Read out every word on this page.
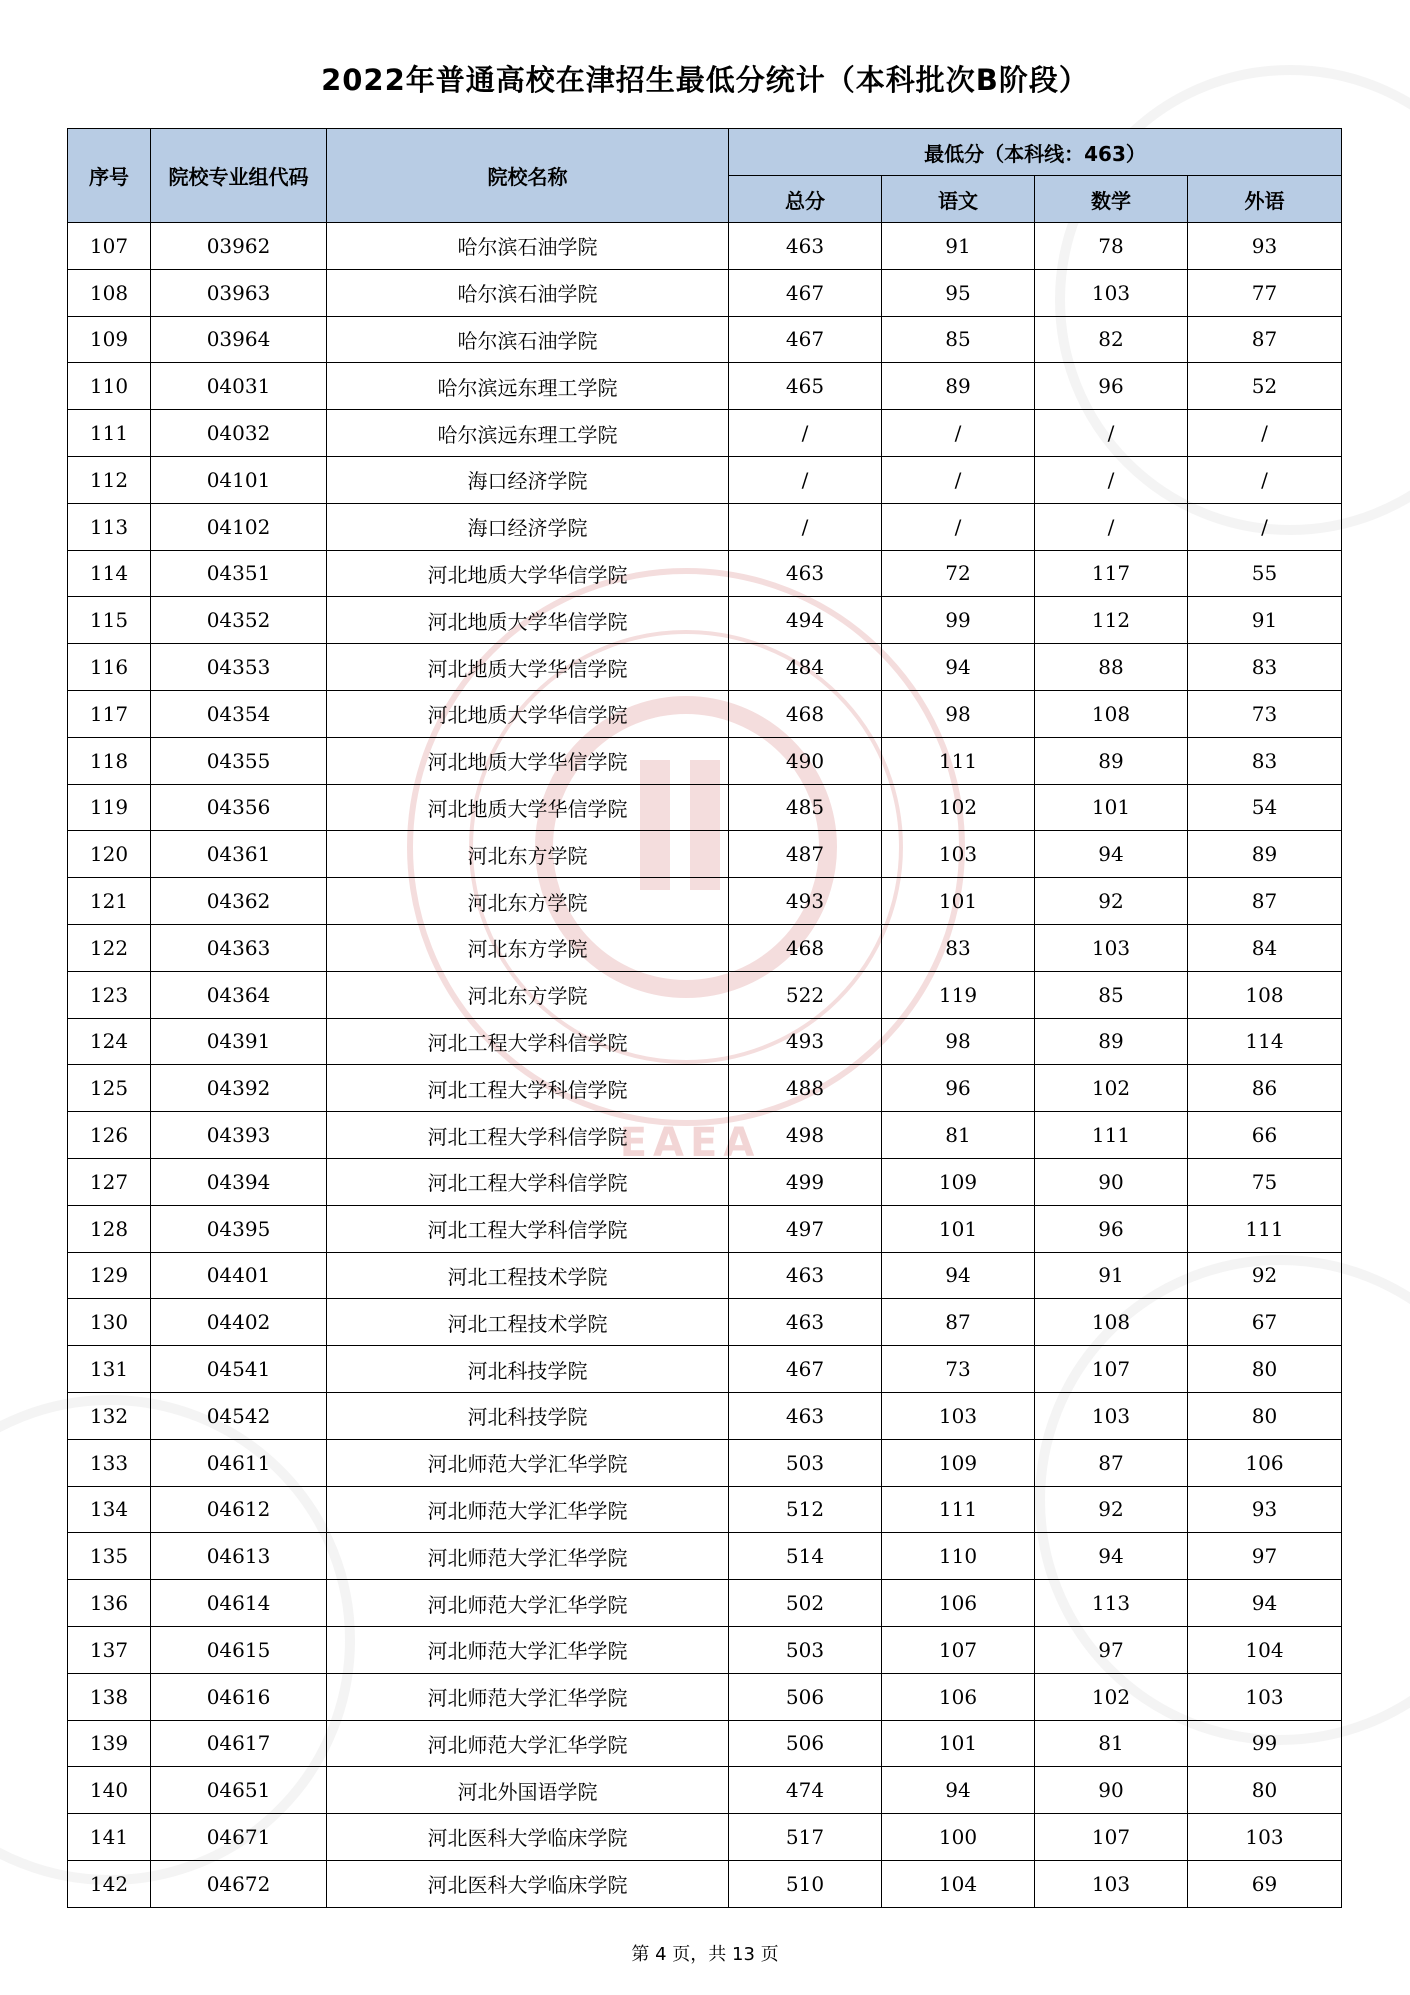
EAEA
2022年普通高校在津招生最低分统计（本科批次B阶段）
序号	院校专业组代码	院校名称	最低分（本科线：463）			
			总分	语文	数学	外语
107	03962	哈尔滨石油学院	463	91	78	93
108	03963	哈尔滨石油学院	467	95	103	77
109	03964	哈尔滨石油学院	467	85	82	87
110	04031	哈尔滨远东理工学院	465	89	96	52
111	04032	哈尔滨远东理工学院	/	/	/	/
112	04101	海口经济学院	/	/	/	/
113	04102	海口经济学院	/	/	/	/
114	04351	河北地质大学华信学院	463	72	117	55
115	04352	河北地质大学华信学院	494	99	112	91
116	04353	河北地质大学华信学院	484	94	88	83
117	04354	河北地质大学华信学院	468	98	108	73
118	04355	河北地质大学华信学院	490	111	89	83
119	04356	河北地质大学华信学院	485	102	101	54
120	04361	河北东方学院	487	103	94	89
121	04362	河北东方学院	493	101	92	87
122	04363	河北东方学院	468	83	103	84
123	04364	河北东方学院	522	119	85	108
124	04391	河北工程大学科信学院	493	98	89	114
125	04392	河北工程大学科信学院	488	96	102	86
126	04393	河北工程大学科信学院	498	81	111	66
127	04394	河北工程大学科信学院	499	109	90	75
128	04395	河北工程大学科信学院	497	101	96	111
129	04401	河北工程技术学院	463	94	91	92
130	04402	河北工程技术学院	463	87	108	67
131	04541	河北科技学院	467	73	107	80
132	04542	河北科技学院	463	103	103	80
133	04611	河北师范大学汇华学院	503	109	87	106
134	04612	河北师范大学汇华学院	512	111	92	93
135	04613	河北师范大学汇华学院	514	110	94	97
136	04614	河北师范大学汇华学院	502	106	113	94
137	04615	河北师范大学汇华学院	503	107	97	104
138	04616	河北师范大学汇华学院	506	106	102	103
139	04617	河北师范大学汇华学院	506	101	81	99
140	04651	河北外国语学院	474	94	90	80
141	04671	河北医科大学临床学院	517	100	107	103
142	04672	河北医科大学临床学院	510	104	103	69
第 4 页，共 13 页
